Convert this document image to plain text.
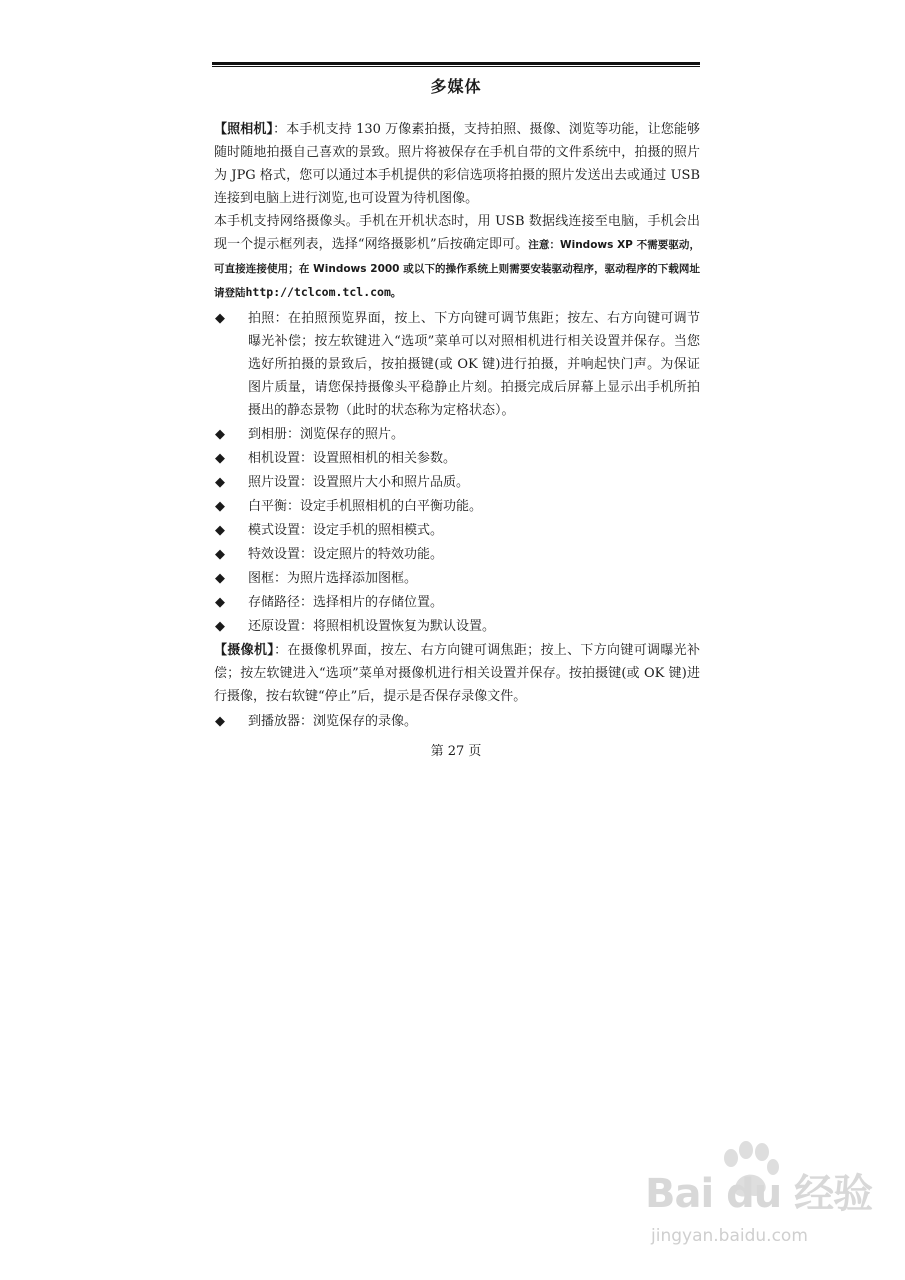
多媒体

【照相机】：本手机支持 130 万像素拍摄，支持拍照、摄像、浏览等功能，让您能够随时随地拍摄自己喜欢的景致。照片将被保存在手机自带的文件系统中，拍摄的照片为 JPG 格式，您可以通过本手机提供的彩信选项将拍摄的照片发送出去或通过 USB 连接到电脑上进行浏览,也可设置为待机图像。

本手机支持网络摄像头。手机在开机状态时，用 USB 数据线连接至电脑，手机会出现一个提示框列表，选择“网络摄影机”后按确定即可。注意：Windows XP 不需要驱动，可直接连接使用；在 Windows 2000 或以下的操作系统上则需要安装驱动程序，驱动程序的下载网址请登陆http://tclcom.tcl.com。

◆ 拍照：在拍照预览界面，按上、下方向键可调节焦距；按左、右方向键可调节曝光补偿；按左软键进入“选项”菜单可以对照相机进行相关设置并保存。当您选好所拍摄的景致后，按拍摄键(或 OK 键)进行拍摄，并响起快门声。为保证图片质量，请您保持摄像头平稳静止片刻。拍摄完成后屏幕上显示出手机所拍摄出的静态景物（此时的状态称为定格状态）。
◆ 到相册：浏览保存的照片。
◆ 相机设置：设置照相机的相关参数。
◆ 照片设置：设置照片大小和照片品质。
◆ 白平衡：设定手机照相机的白平衡功能。
◆ 模式设置：设定手机的照相模式。
◆ 特效设置：设定照片的特效功能。
◆ 图框：为照片选择添加图框。
◆ 存储路径：选择相片的存储位置。
◆ 还原设置：将照相机设置恢复为默认设置。

【摄像机】：在摄像机界面，按左、右方向键可调焦距；按上、下方向键可调曝光补偿；按左软键进入“选项”菜单对摄像机进行相关设置并保存。按拍摄键(或 OK 键)进行摄像，按右软键“停止”后，提示是否保存录像文件。

◆ 到播放器：浏览保存的录像。
第 27 页
Bai du 经验
jingyan.baidu.com
